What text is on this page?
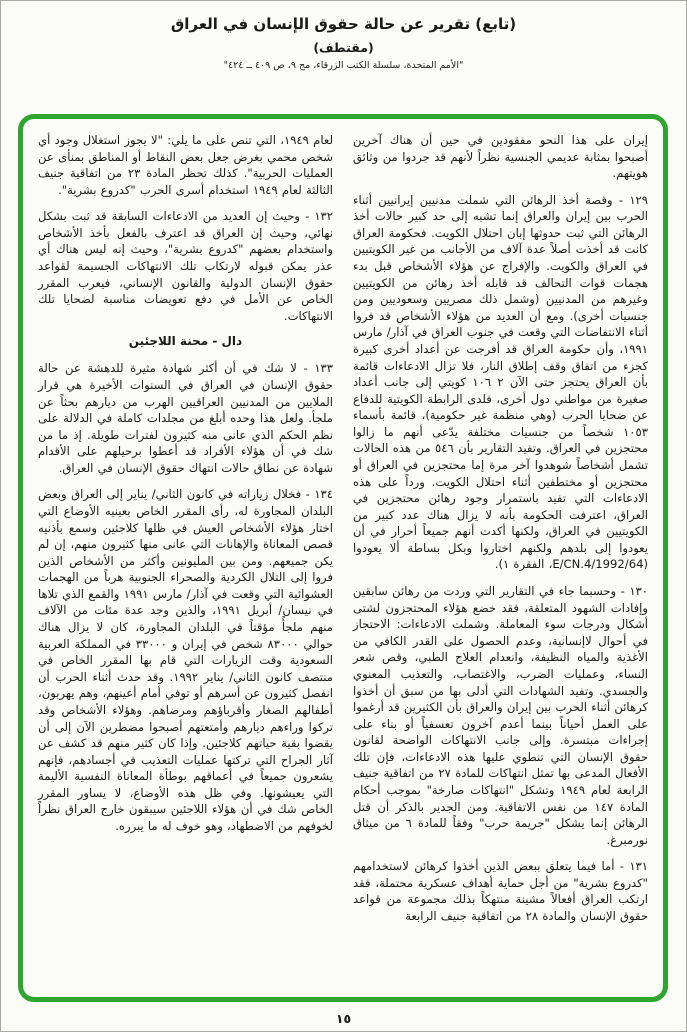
(تابع) تقرير عن حالة حقوق الإنسان في العراق
(مقتطف)
"الأمم المتحدة، سلسلة الكتب الزرقاء، مج ٩، ص ٤٠٩ ــ ٤٢٤"

إيران على هذا النحو مفقودين في حين أن هناك آخرين أصبحوا بمثابة عديمي الجنسية نظراً لأنهم قد جردوا من وثائق هويتهم.

١٢٩ - وقصة أخذ الرهائن التي شملت مدنيين إيرانيين أثناء الحرب بين إيران والعراق إنما تشبه إلى حد كبير حالات أخذ الرهائن التي ثبت حدوثها إبان احتلال الكويت. فحكومة العراق كانت قد أخذت أصلاً عدة آلاف من الأجانب من غير الكويتيين في العراق والكويت. والإفراج عن هؤلاء الأشخاص قبل بدء هجمات قوات التحالف قد قابله أخذ رهائن من الكويتيين وغيرهم من المدنيين (وشمل ذلك مصريين وسعوديين ومن جنسيات أخرى). ومع أن العديد من هؤلاء الأشخاص قد فروا أثناء الانتفاضات التي وقعت في جنوب العراق في آذار/ مارس ١٩٩١، وأن حكومة العراق قد أفرجت عن أعداد أخرى كبيرة كجزء من اتفاق وقف إطلاق النار، فلا تزال الادعاءات قائمة بأن العراق يحتجز حتى الآن ٢ ١٠٦ كويتي إلى جانب أعداد صغيرة من مواطني دول أخرى، فلدى الرابطة الكويتية للدفاع عن ضحايا الحرب (وهي منظمة غير حكومية)، قائمة بأسماء ١٠٥٣ شخصاً من جنسيات مختلفة يدّعى أنهم ما زالوا محتجزين في العراق. وتفيد التقارير بأن ٥٤٦ من هذه الحالات تشمل أشخاصاً شوهدوا آخر مرة إما محتجزين في العراق أو محتجزين أو مختطفين أثناء احتلال الكويت. ورداً على هذه الادعاءات التي تفيد باستمرار وجود رهائن محتجزين في العراق، اعترفت الحكومة بأنه لا يزال هناك عدد كبير من الكويتيين في العراق، ولكنها أكدت أنهم جميعاً أحرار في أن يعودوا إلى بلدهم ولكنهم اختاروا وبكل بساطة ألا يعودوا (E/CN.4/1992/64، الفقرة ١).

١٣٠ - وحسبما جاء في التقارير التي وردت من رهائن سابقين وإفادات الشهود المتعلقة، فقد خضع هؤلاء المحتجزون لشتى أشكال ودرجات سوء المعاملة. وشملت الادعاءات: الاحتجاز في أحوال لاإنسانية، وعدم الحصول على القدر الكافي من الأغذية والمياه النظيفة، وانعدام العلاج الطبي، وقص شعر النساء، وعمليات الضرب، والاغتصاب، والتعذيب المعنوي والجسدي. وتفيد الشهادات التي أدلى بها من سبق أن أخذوا كرهائن أثناء الحرب بين إيران والعراق بأن الكثيرين قد أرغموا على العمل أحياناً بينما أعدم آخرون تعسفياً أو بناء على إجراءات مبتسرة. وإلى جانب الانتهاكات الواضحة لقانون حقوق الإنسان التي تنطوي عليها هذه الادعاءات، فإن تلك الأفعال المدعى بها تمثل انتهاكات للمادة ٢٧ من اتفاقية جنيف الرابعة لعام ١٩٤٩ وتشكل "انتهاكات صارخة" بموجب أحكام المادة ١٤٧ من نفس الاتفاقية. ومن الجدير بالذكر أن قتل الرهائن إنما يشكل "جريمة حرب" وفقاً للمادة ٦ من ميثاق نورمبرغ.

١٣١ - أما فيما يتعلق ببعض الذين أخذوا كرهائن لاستخدامهم "كدروع بشرية" من أجل حماية أهداف عسكرية محتملة، فقد ارتكب العراق أفعالاً مشينة منتهكاً بذلك مجموعة من قواعد حقوق الإنسان والمادة ٢٨ من اتفاقية جنيف الرابعة

لعام ١٩٤٩، التي تنص على ما يلي: "لا يجوز استغلال وجود أي شخص محمي بغرض جعل بعض النقاط أو المناطق بمنأى عن العمليات الحربية". كذلك تحظر المادة ٢٣ من اتفاقية جنيف الثالثة لعام ١٩٤٩ استخدام أسرى الحرب "كدروع بشرية".

١٣٢ - وحيث إن العديد من الادعاءات السابقة قد ثبت بشكل نهائي، وحيث إن العراق قد اعترف بالفعل بأخذ الأشخاص واستخدام بعضهم "كدروع بشرية"، وحيث إنه ليس هناك أي عذر يمكن قبوله لارتكاب تلك الانتهاكات الجسيمة لقواعد حقوق الإنسان الدولية والقانون الإنساني، فيعرب المقرر الخاص عن الأمل في دفع تعويضات مناسبة لضحايا تلك الانتهاكات.

دال - محنة اللاجئين

١٣٣ - لا شك في أن أكثر شهادة مثيرة للدهشة عن حالة حقوق الإنسان في العراق في السنوات الأخيرة هي قرار الملايين من المدنيين العراقيين الهرب من ديارهم بحثاً عن ملجأ. ولعل هذا وحده أبلغ من مجلدات كاملة في الدلالة على نظم الحكم الذي عانى منه كثيرون لفترات طويلة. إذ ما من شك في أن هؤلاء الأفراد قد أعطوا برحيلهم على الأقدام شهادة عن نطاق حالات انتهاك حقوق الإنسان في العراق.

١٣٤ - فخلال زياراته في كانون الثاني/ يناير إلى العراق وبعض البلدان المجاورة له، رأى المقرر الخاص بعينيه الأوضاع التي اختار هؤلاء الأشخاص العيش في ظلها كلاجئين وسمع بأذنيه قصص المعاناة والإهانات التي عانى منها كثيرون منهم، إن لم يكن جميعهم. ومن بين المليونين وأكثر من الأشخاص الذين فروا إلى التلال الكردية والصحراء الجنوبية هرباً من الهجمات العشوائية التي وقعت في آذار/ مارس ١٩٩١ والقمع الذي تلاها في نيسان/ أبريل ١٩٩١، والذين وجد عدة مئات من الآلاف منهم ملجأً مؤقتاً في البلدان المجاورة، كان لا يزال هناك حوالي ٨٣٠٠٠ شخص في إيران و ٣٣٠٠٠ في المملكة العربية السعودية وقت الزيارات التي قام بها المقرر الخاص في منتصف كانون الثاني/ يناير ١٩٩٢. وقد حدث أثناء الحرب أن انفصل كثيرون عن أسرهم أو توفي أمام أعينهم، وهم يهربون، أطفالهم الصغار وأقرباؤهم ومرضاهم. وهؤلاء الأشخاص وقد تركوا وراءهم ديارهم وأمتعتهم أصبحوا مضطرين الآن إلى أن يقضوا بقية حياتهم كلاجئين. وإذا كان كثير منهم قد كشف عن آثار الجراح التي تركتها عمليات التعذيب في أجسادهم، فإنهم يشعرون جميعاً في أعماقهم بوطأة المعاناة النفسية الأليمة التي يعيشونها. وفي ظل هذه الأوضاع، لا يساور المقرر الخاص شك في أن هؤلاء اللاجئين سيبقون خارج العراق نظراً لخوفهم من الاضطهاد، وهو خوف له ما يبرره.

١٥
